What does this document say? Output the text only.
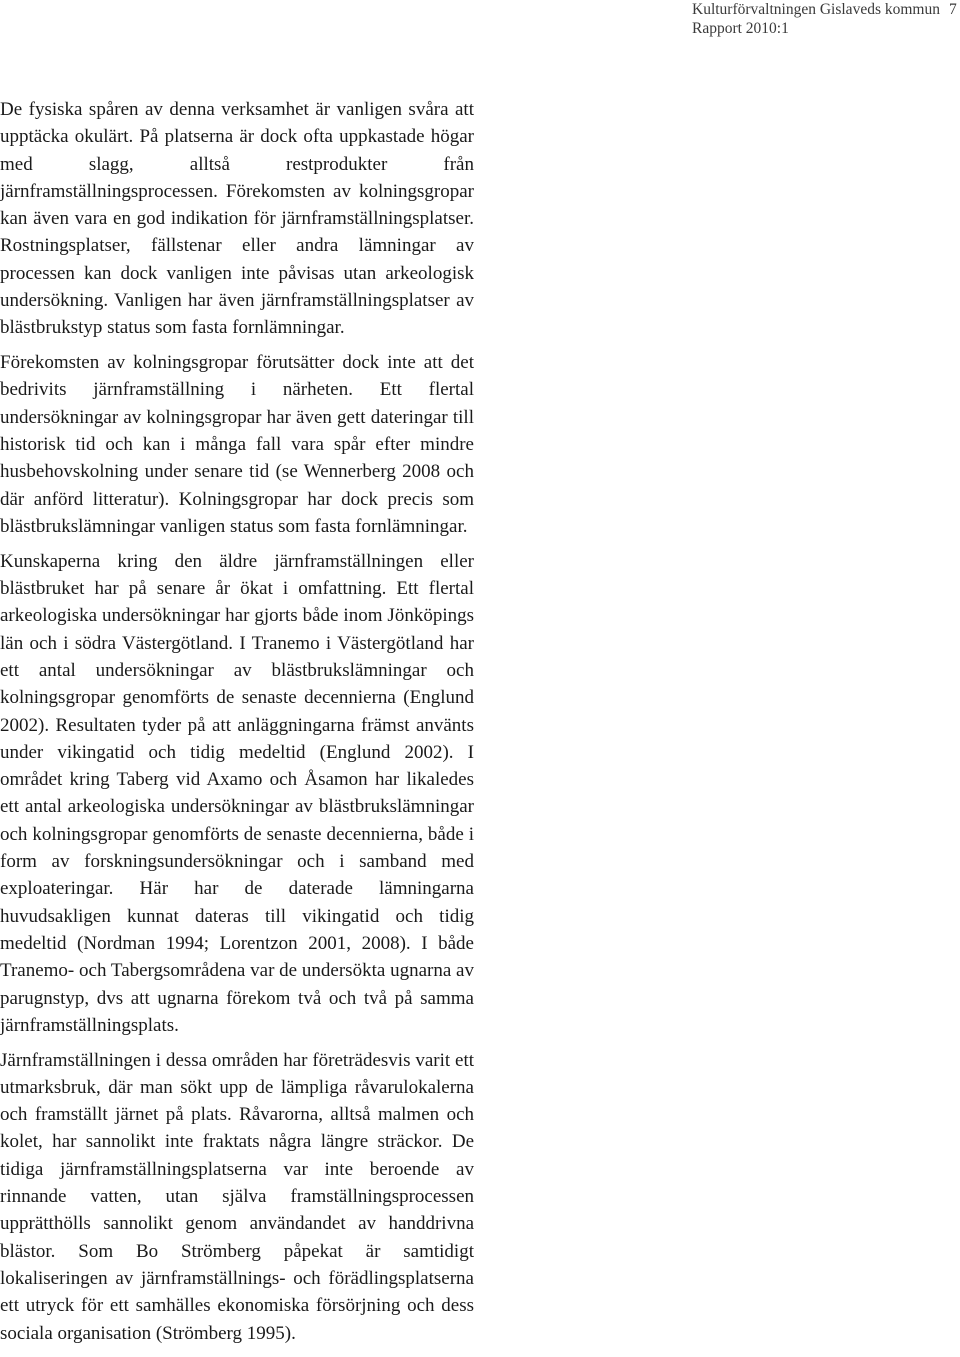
Kulturförvaltningen Gislaveds kommun
Rapport 2010:1
7

De fysiska spåren av denna verksamhet är vanligen svåra att upptäcka okulärt. På platserna är dock ofta uppkastade högar med slagg, alltså restprodukter från järnframställningsprocessen. Förekomsten av kolningsgropar kan även vara en god indikation för järnframställningsplatser. Rostningsplatser, fällstenar eller andra lämningar av processen kan dock vanligen inte påvisas utan arkeologisk undersökning. Vanligen har även järnframställningsplatser av blästbrukstyp status som fasta fornlämningar.

Förekomsten av kolningsgropar förutsätter dock inte att det bedrivits järnframställning i närheten. Ett flertal undersökningar av kolningsgropar har även gett dateringar till historisk tid och kan i många fall vara spår efter mindre husbehovskolning under senare tid (se Wennerberg 2008 och där anförd litteratur). Kolningsgropar har dock precis som blästbrukslämningar vanligen status som fasta fornlämningar.

Kunskaperna kring den äldre järnframställningen eller blästbruket har på senare år ökat i omfattning. Ett flertal arkeologiska undersökningar har gjorts både inom Jönköpings län och i södra Västergötland. I Tranemo i Västergötland har ett antal undersökningar av blästbrukslämningar och kolningsgropar genomförts de senaste decennierna (Englund 2002). Resultaten tyder på att anläggningarna främst använts under vikingatid och tidig medeltid (Englund 2002). I området kring Taberg vid Axamo och Åsamon har likaledes ett antal arkeologiska undersökningar av blästbrukslämningar och kolningsgropar genomförts de senaste decennierna, både i form av forskningsundersökningar och i samband med exploateringar. Här har de daterade lämningarna huvudsakligen kunnat dateras till vikingatid och tidig medeltid (Nordman 1994; Lorentzon 2001, 2008). I både Tranemo- och Tabergsområdena var de undersökta ugnarna av parugnstyp, dvs att ugnarna förekom två och två på samma järnframställningsplats.

Järnframställningen i dessa områden har företrädesvis varit ett utmarksbruk, där man sökt upp de lämpliga råvarulokalerna och framställt järnet på plats. Råvarorna, alltså malmen och kolet, har sannolikt inte fraktats några längre sträckor. De tidiga järnframställningsplatserna var inte beroende av rinnande vatten, utan själva framställningsprocessen upprätthölls sannolikt genom användandet av handdrivna blästor. Som Bo Strömberg påpekat är samtidigt lokaliseringen av järnframställnings- och förädlingsplatserna ett utryck för ett samhälles ekonomiska försörjning och dess sociala organisation (Strömberg 1995).
